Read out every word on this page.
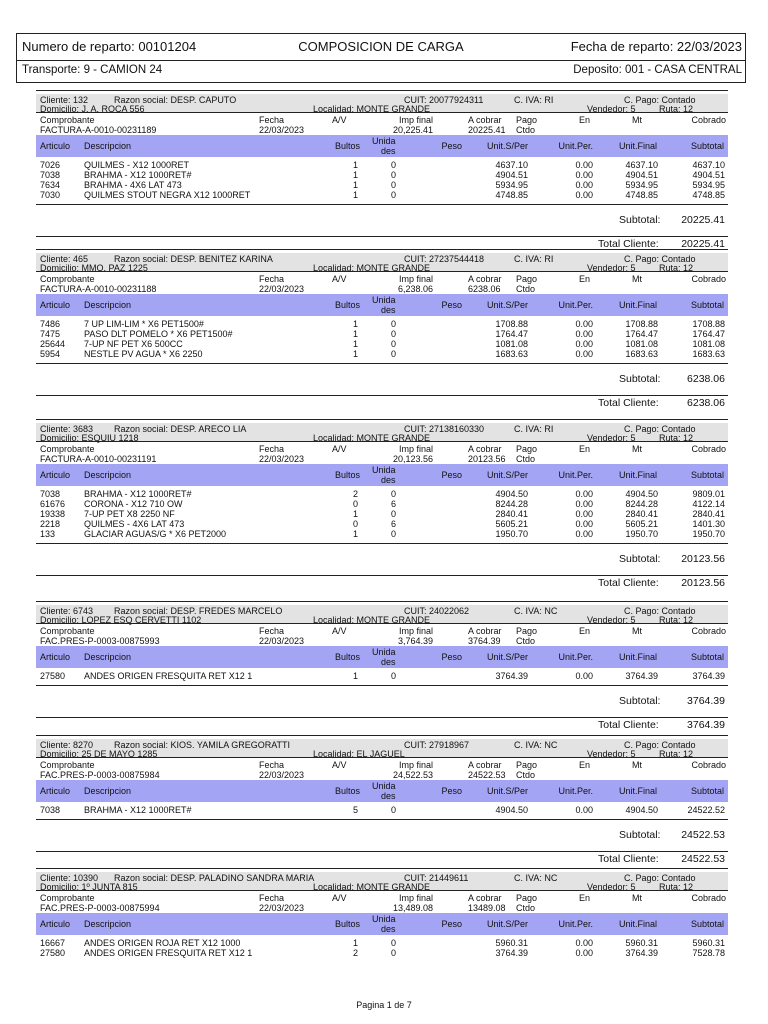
Numero de reparto: 00101204	COMPOSICION DE CARGA	Fecha de reparto: 22/03/2023
Transporte: 9 - CAMION 24	Deposito: 001 - CASA CENTRAL
Cliente: 132	Razon social: DESP. CAPUTO	CUIT: 20077924311	C. IVA: RI	C. Pago: Contado
Domicilio: J. A. ROCA 556	Localidad: MONTE GRANDE	Vendedor: 5	Ruta: 12
Comprobante	Fecha	A/V	Imp final	A cobrar Pago	En	Mt	Cobrado
FACTURA-A-0010-00231189	22/03/2023	20,225.41	20225.41 Ctdo
Articulo Descripcion	Bultos Unida
des	Peso	Unit.S/Per	Unit.Per.	Unit.Final	Subtotal
7026	QUILMES - X12 1000RET	1	0	4637.10	0.00	4637.10	4637.10
7038	BRAHMA - X12 1000RET#	1	0	4904.51	0.00	4904.51	4904.51
7634	BRAHMA - 4X6 LAT 473	1	0	5934.95	0.00	5934.95	5934.95
7030	QUILMES STOUT NEGRA X12 1000RET	1	0	4748.85	0.00	4748.85	4748.85
Subtotal: 20225.41
Total Cliente: 20225.41
Cliente: 465	Razon social: DESP. BENITEZ KARINA	CUIT: 27237544418	C. IVA: RI	C. Pago: Contado
Domicilio: MMO. PAZ 1225	Localidad: MONTE GRANDE	Vendedor: 5	Ruta: 12
Comprobante	Fecha	A/V	Imp final	A cobrar Pago	En	Mt	Cobrado
FACTURA-A-0010-00231188	22/03/2023	6,238.06	6238.06 Ctdo
Articulo Descripcion	Bultos Unida
des	Peso	Unit.S/Per	Unit.Per.	Unit.Final	Subtotal
7486	7 UP LIM-LIM * X6 PET1500#	1	0	1708.88	0.00	1708.88	1708.88
7475	PASO DLT POMELO * X6 PET1500#	1	0	1764.47	0.00	1764.47	1764.47
25644 7-UP NF PET X6 500CC	1	0	1081.08	0.00	1081.08	1081.08
5954	NESTLE PV AGUA * X6 2250	1	0	1683.63	0.00	1683.63	1683.63
Subtotal:	6238.06
Total Cliente:	6238.06
Cliente: 3683 Razon social: DESP. ARECO LIA	CUIT: 27138160330	C. IVA: RI	C. Pago: Contado
Domicilio: ESQUIU 1218	Localidad: MONTE GRANDE	Vendedor: 5	Ruta: 12
Comprobante	Fecha	A/V	Imp final	A cobrar Pago	En	Mt	Cobrado
FACTURA-A-0010-00231191	22/03/2023	20,123.56	20123.56 Ctdo
Articulo Descripcion	Bultos Unida
des	Peso	Unit.S/Per	Unit.Per.	Unit.Final	Subtotal
7038	BRAHMA - X12 1000RET#	2	0	4904.50	0.00	4904.50	9809.01
61676 CORONA - X12 710 OW	0	6	8244.28	0.00	8244.28	4122.14
19338 7-UP PET X8 2250 NF	1	0	2840.41	0.00	2840.41	2840.41
2218	QUILMES - 4X6 LAT 473	0	6	5605.21	0.00	5605.21	1401.30
133	GLACIAR AGUAS/G * X6 PET2000	1	0	1950.70	0.00	1950.70	1950.70
Subtotal: 20123.56
Total Cliente: 20123.56
Cliente: 6743 Razon social: DESP. FREDES MARCELO	CUIT: 24022062	C. IVA: NC	C. Pago: Contado
Domicilio: LOPEZ ESQ CERVETTI 1102	Localidad: MONTE GRANDE	Vendedor: 5	Ruta: 12
Comprobante	Fecha	A/V	Imp final	A cobrar Pago	En	Mt	Cobrado
FAC.PRES-P-0003-00875993	22/03/2023	3,764.39	3764.39 Ctdo
Articulo Descripcion	Bultos Unida
des	Peso	Unit.S/Per	Unit.Per.	Unit.Final	Subtotal
27580 ANDES ORIGEN FRESQUITA RET X12 1	1	0	3764.39	0.00	3764.39	3764.39
Subtotal:	3764.39
Total Cliente:	3764.39
Cliente: 8270 Razon social: KIOS. YAMILA GREGORATTI	CUIT: 27918967	C. IVA: NC	C. Pago: Contado
Domicilio: 25 DE MAYO 1285	Localidad: EL JAGUEL	Vendedor: 5	Ruta: 12
Comprobante	Fecha	A/V	Imp final	A cobrar Pago	En	Mt	Cobrado
FAC.PRES-P-0003-00875984	22/03/2023	24,522.53	24522.53 Ctdo
Articulo Descripcion	Bultos Unida
des	Peso	Unit.S/Per	Unit.Per.	Unit.Final	Subtotal
7038	BRAHMA - X12 1000RET#	5	0	4904.50	0.00	4904.50	24522.52
Subtotal: 24522.53
Total Cliente: 24522.53
Cliente: 10390 Razon social: DESP. PALADINO SANDRA MARIA	CUIT: 21449611	C. IVA: NC	C. Pago: Contado
Domicilio: 1º JUNTA 815	Localidad: MONTE GRANDE	Vendedor: 5	Ruta: 12
Comprobante	Fecha	A/V	Imp final	A cobrar Pago	En	Mt	Cobrado
FAC.PRES-P-0003-00875994	22/03/2023	13,489.08	13489.08 Ctdo
Articulo Descripcion	Bultos Unida
des	Peso	Unit.S/Per	Unit.Per.	Unit.Final	Subtotal
16667 ANDES ORIGEN ROJA RET X12 1000	1	0	5960.31	0.00	5960.31	5960.31
27580 ANDES ORIGEN FRESQUITA RET X12 1	2	0	3764.39	0.00	3764.39	7528.78
Pagina 1 de 7
